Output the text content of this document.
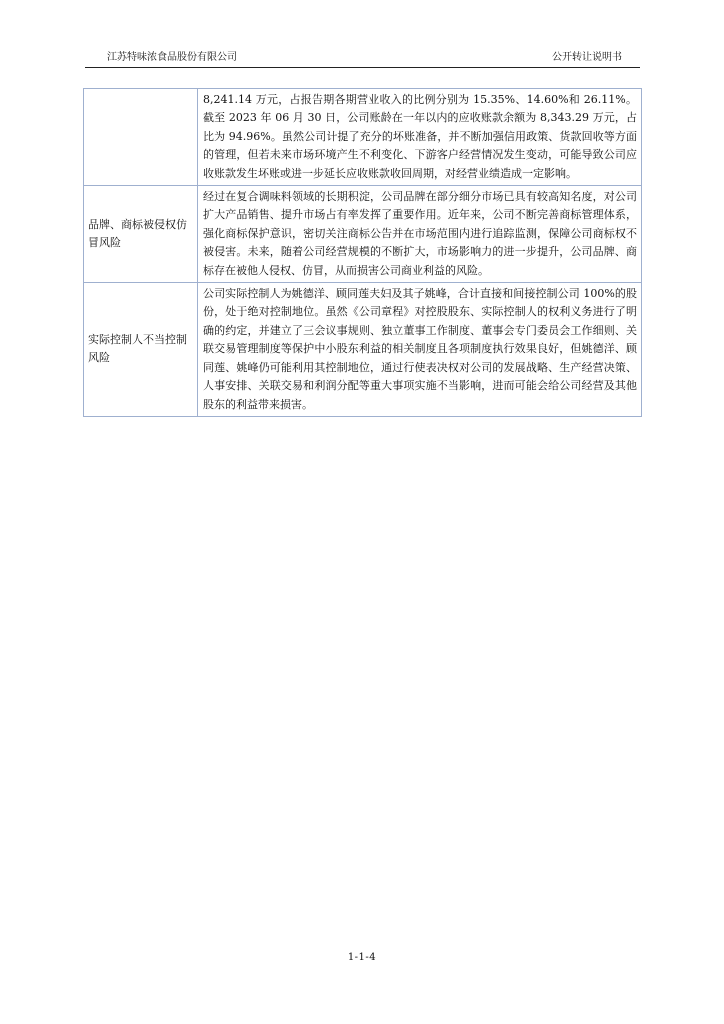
江苏特味浓食品股份有限公司	公开转让说明书
	8,241.14 万元，占报告期各期营业收入的比例分别为 15.35%、14.60%和 26.11%。截至 2023 年 06 月 30 日，公司账龄在一年以内的应收账款余额为 8,343.29 万元，占比为 94.96%。虽然公司计提了充分的坏账准备，并不断加强信用政策、货款回收等方面的管理，但若未来市场环境产生不利变化、下游客户经营情况发生变动，可能导致公司应收账款发生坏账或进一步延长应收账款收回周期，对经营业绩造成一定影响。
品牌、商标被侵权仿冒风险	经过在复合调味料领域的长期积淀，公司品牌在部分细分市场已具有较高知名度，对公司扩大产品销售、提升市场占有率发挥了重要作用。近年来，公司不断完善商标管理体系，强化商标保护意识，密切关注商标公告并在市场范围内进行追踪监测，保障公司商标权不被侵害。未来，随着公司经营规模的不断扩大，市场影响力的进一步提升，公司品牌、商标存在被他人侵权、仿冒，从而损害公司商业利益的风险。
实际控制人不当控制风险	公司实际控制人为姚德洋、顾同莲夫妇及其子姚峰，合计直接和间接控制公司 100%的股份，处于绝对控制地位。虽然《公司章程》对控股股东、实际控制人的权利义务进行了明确的约定，并建立了三会议事规则、独立董事工作制度、董事会专门委员会工作细则、关联交易管理制度等保护中小股东利益的相关制度且各项制度执行效果良好，但姚德洋、顾同莲、姚峰仍可能利用其控制地位，通过行使表决权对公司的发展战略、生产经营决策、人事安排、关联交易和利润分配等重大事项实施不当影响，进而可能会给公司经营及其他股东的利益带来损害。
1-1-4
